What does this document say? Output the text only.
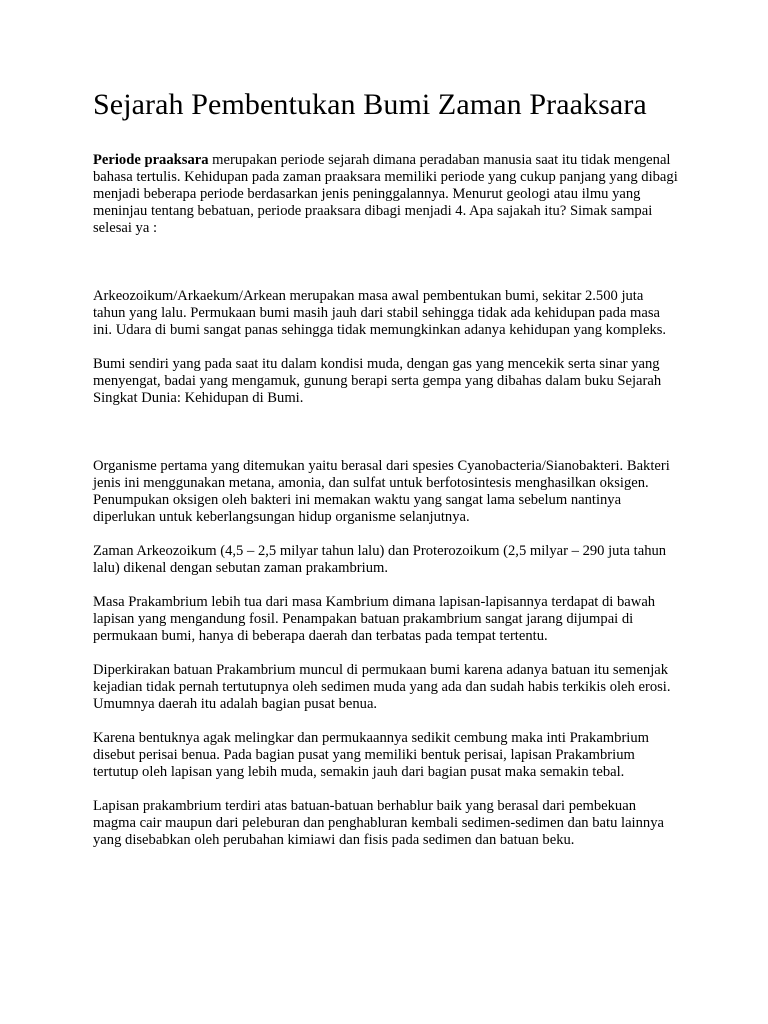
Sejarah Pembentukan Bumi Zaman Praaksara

Periode praaksara merupakan periode sejarah dimana peradaban manusia saat itu tidak mengenal bahasa tertulis. Kehidupan pada zaman praaksara memiliki periode yang cukup panjang yang dibagi menjadi beberapa periode berdasarkan jenis peninggalannya. Menurut geologi atau ilmu yang meninjau tentang bebatuan, periode praaksara dibagi menjadi 4. Apa sajakah itu? Simak sampai selesai ya :

Arkeozoikum/Arkaekum/Arkean merupakan masa awal pembentukan bumi, sekitar 2.500 juta tahun yang lalu. Permukaan bumi masih jauh dari stabil sehingga tidak ada kehidupan pada masa ini. Udara di bumi sangat panas sehingga tidak memungkinkan adanya kehidupan yang kompleks.

Bumi sendiri yang pada saat itu dalam kondisi muda, dengan gas yang mencekik serta sinar yang menyengat, badai yang mengamuk, gunung berapi serta gempa yang dibahas dalam buku Sejarah Singkat Dunia: Kehidupan di Bumi.

Organisme pertama yang ditemukan yaitu berasal dari spesies Cyanobacteria/Sianobakteri. Bakteri jenis ini menggunakan metana, amonia, dan sulfat untuk berfotosintesis menghasilkan oksigen. Penumpukan oksigen oleh bakteri ini memakan waktu yang sangat lama sebelum nantinya diperlukan untuk keberlangsungan hidup organisme selanjutnya.

Zaman Arkeozoikum (4,5 – 2,5 milyar tahun lalu) dan Proterozoikum (2,5 milyar – 290 juta tahun lalu) dikenal dengan sebutan zaman prakambrium.

Masa Prakambrium lebih tua dari masa Kambrium dimana lapisan-lapisannya terdapat di bawah lapisan yang mengandung fosil. Penampakan batuan prakambrium sangat jarang dijumpai di permukaan bumi, hanya di beberapa daerah dan terbatas pada tempat tertentu.

Diperkirakan batuan Prakambrium muncul di permukaan bumi karena adanya batuan itu semenjak kejadian tidak pernah tertutupnya oleh sedimen muda yang ada dan sudah habis terkikis oleh erosi. Umumnya daerah itu adalah bagian pusat benua.

Karena bentuknya agak melingkar dan permukaannya sedikit cembung maka inti Prakambrium disebut perisai benua. Pada bagian pusat yang memiliki bentuk perisai, lapisan Prakambrium tertutup oleh lapisan yang lebih muda, semakin jauh dari bagian pusat maka semakin tebal.

Lapisan prakambrium terdiri atas batuan-batuan berhablur baik yang berasal dari pembekuan magma cair maupun dari peleburan dan penghabluran kembali sedimen-sedimen dan batu lainnya yang disebabkan oleh perubahan kimiawi dan fisis pada sedimen dan batuan beku.
